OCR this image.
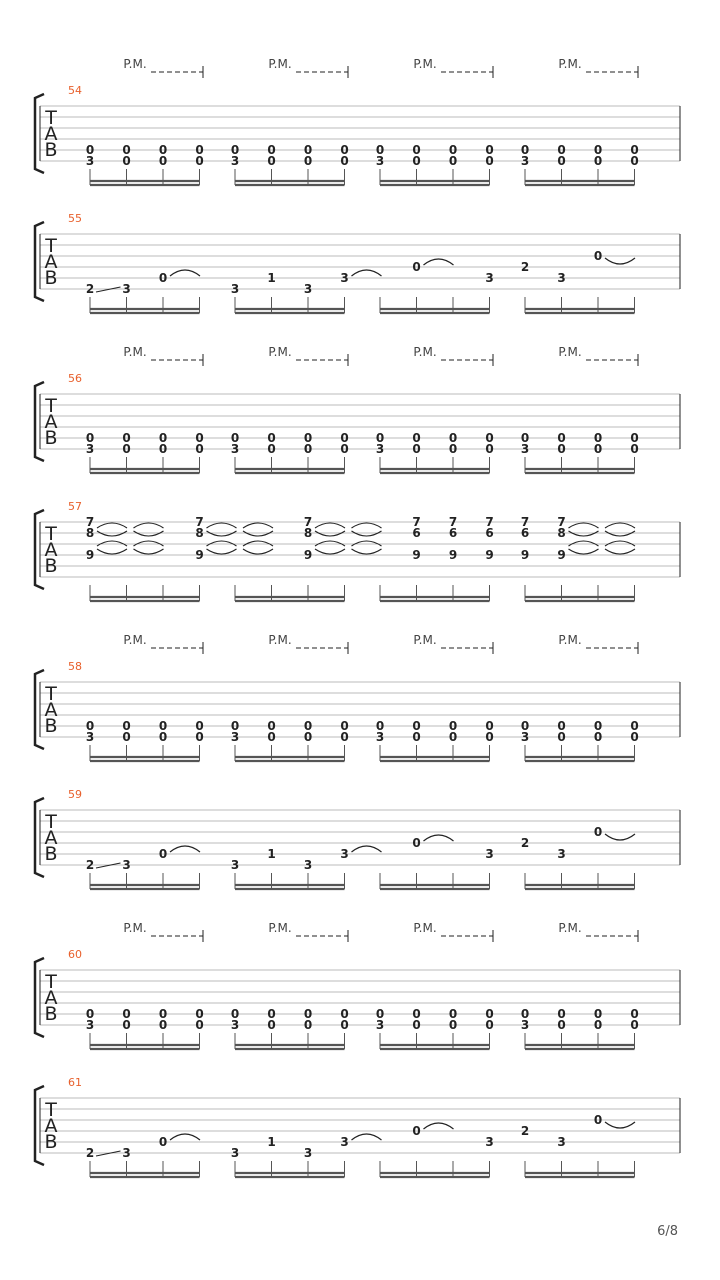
6/8
T
A
B
54
P.M.	P.M.	P.M.	P.M.
0
3
0
0
0
0
0
0
0
3
0
0
0
0
0
0
0
3
0
0
0
0
0
0
0
3
0
0
0
0
0
0
T
A
B
55
2 3
0
3
1
3
3
0
3
2
3
0
T
A
B
56
P.M.	P.M.	P.M.	P.M.
0
3
0
0
0
0
0
0
0
3
0
0
0
0
0
0
0
3
0
0
0
0
0
0
0
3
0
0
0
0
0
0
T
A
B
57
7
8
9
7
8
9
7
8
9
7
6
9
7
6
9
7
6
9
7
6
9
7
8
9
T
A
B
58
P.M.	P.M.	P.M.	P.M.
0
3
0
0
0
0
0
0
0
3
0
0
0
0
0
0
0
3
0
0
0
0
0
0
0
3
0
0
0
0
0
0
T
A
B
59
2 3
0
3
1
3
3
0
3
2
3
0
T
A
B
60
P.M.	P.M.	P.M.	P.M.
0
3
0
0
0
0
0
0
0
3
0
0
0
0
0
0
0
3
0
0
0
0
0
0
0
3
0
0
0
0
0
0
T
A
B
61
2 3
0
3
1
3
3
0
3
2
3
0
